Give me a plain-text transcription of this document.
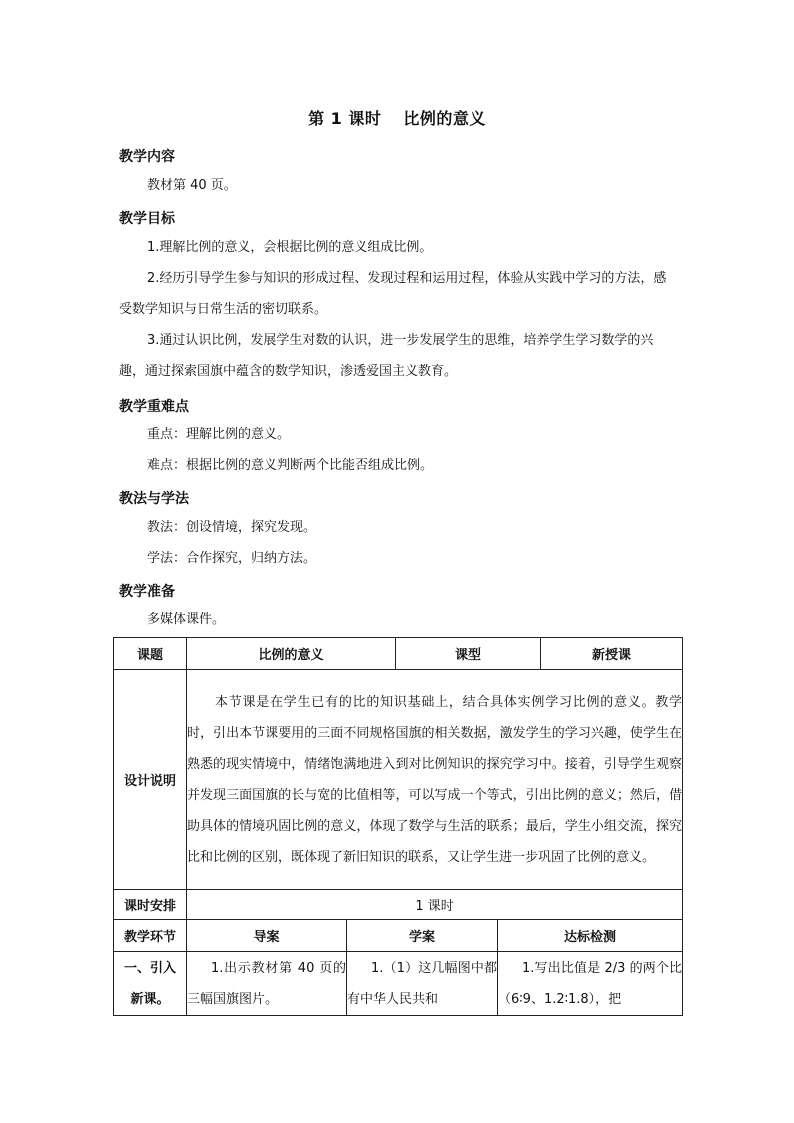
第 1 课时 比例的意义
教学内容
教材第 40 页。
教学目标
1.理解比例的意义，会根据比例的意义组成比例。
2.经历引导学生参与知识的形成过程、发现过程和运用过程，体验从实践中学习的方法，感受数学知识与日常生活的密切联系。
3.通过认识比例，发展学生对数的认识，进一步发展学生的思维，培养学生学习数学的兴趣，通过探索国旗中蕴含的数学知识，渗透爱国主义教育。
教学重难点
重点：理解比例的意义。
难点：根据比例的意义判断两个比能否组成比例。
教法与学法
教法：创设情境，探究发现。
学法：合作探究，归纳方法。
教学准备
多媒体课件。
课题	比例的意义		课型		新授课
设计说明	本节课是在学生已有的比的知识基础上，结合具体实例学习比例的意义。教学时，引出本节课要用的三面不同规格国旗的相关数据，激发学生的学习兴趣，使学生在熟悉的现实情境中，情绪饱满地进入到对比例知识的探究学习中。接着，引导学生观察并发现三面国旗的长与宽的比值相等，可以写成一个等式，引出比例的意义；然后，借助具体的情境巩固比例的意义，体现了数学与生活的联系；最后，学生小组交流，探究比和比例的区别，既体现了新旧知识的联系，又让学生进一步巩固了比例的意义。				
课时安排	1 课时				
教学环节	导案	学案		达标检测	
一、引入新课。	1.出示教材第 40 页的三幅国旗图片。	1.（1）这几幅图中都有中华人民共和		1.写出比值是 2/3 的两个比（6∶9、1.2∶1.8），把	
